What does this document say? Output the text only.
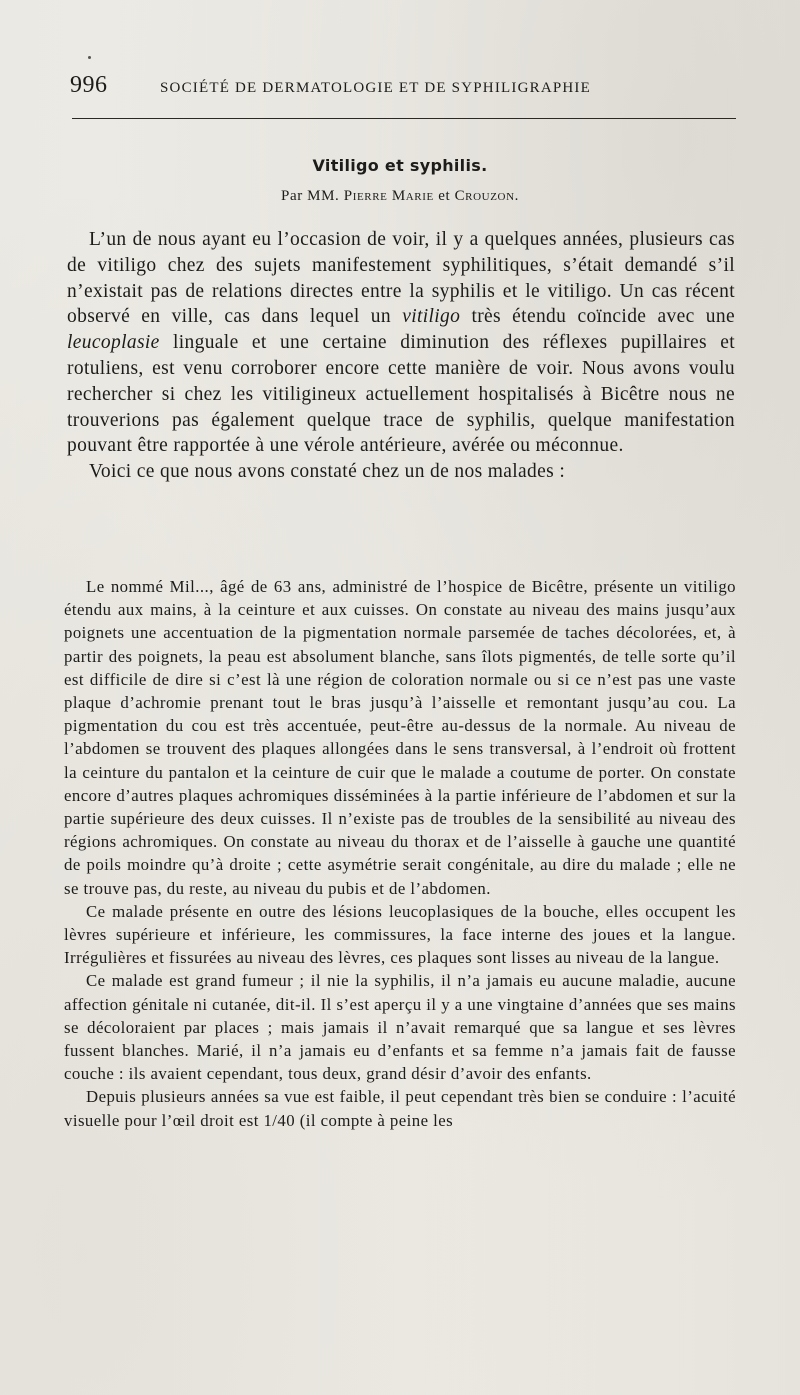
996	SOCIÉTÉ DE DERMATOLOGIE ET DE SYPHILIGRAPHIE
Vitiligo et syphilis.
Par MM. Pierre Marie et Crouzon.

L’un de nous ayant eu l’occasion de voir, il y a quelques années, plusieurs cas de vitiligo chez des sujets manifestement syphilitiques, s’était demandé s’il n’existait pas de relations directes entre la syphilis et le vitiligo. Un cas récent observé en ville, cas dans lequel un vitiligo très étendu coïncide avec une leucoplasie linguale et une certaine diminution des réflexes pupillaires et rotuliens, est venu corroborer encore cette manière de voir. Nous avons voulu rechercher si chez les vitiligineux actuellement hospitalisés à Bicêtre nous ne trouverions pas également quelque trace de syphilis, quelque manifestation pouvant être rapportée à une vérole antérieure, avérée ou méconnue.

Voici ce que nous avons constaté chez un de nos malades :

Le nommé Mil..., âgé de 63 ans, administré de l’hospice de Bicêtre, présente un vitiligo étendu aux mains, à la ceinture et aux cuisses. On constate au niveau des mains jusqu’aux poignets une accentuation de la pigmentation normale parsemée de taches décolorées, et, à partir des poignets, la peau est absolument blanche, sans îlots pigmentés, de telle sorte qu’il est difficile de dire si c’est là une région de coloration normale ou si ce n’est pas une vaste plaque d’achromie prenant tout le bras jusqu’à l’aisselle et remontant jusqu’au cou. La pigmentation du cou est très accentuée, peut-être au-dessus de la normale. Au niveau de l’abdomen se trouvent des plaques allongées dans le sens transversal, à l’endroit où frottent la ceinture du pantalon et la ceinture de cuir que le malade a coutume de porter. On constate encore d’autres plaques achromiques disséminées à la partie inférieure de l’abdomen et sur la partie supérieure des deux cuisses. Il n’existe pas de troubles de la sensibilité au niveau des régions achromiques. On constate au niveau du thorax et de l’aisselle à gauche une quantité de poils moindre qu’à droite ; cette asymétrie serait congénitale, au dire du malade ; elle ne se trouve pas, du reste, au niveau du pubis et de l’abdomen.

Ce malade présente en outre des lésions leucoplasiques de la bouche, elles occupent les lèvres supérieure et inférieure, les commissures, la face interne des joues et la langue. Irrégulières et fissurées au niveau des lèvres, ces plaques sont lisses au niveau de la langue.

Ce malade est grand fumeur ; il nie la syphilis, il n’a jamais eu aucune maladie, aucune affection génitale ni cutanée, dit-il. Il s’est aperçu il y a une vingtaine d’années que ses mains se décoloraient par places ; mais jamais il n’avait remarqué que sa langue et ses lèvres fussent blanches. Marié, il n’a jamais eu d’enfants et sa femme n’a jamais fait de fausse couche : ils avaient cependant, tous deux, grand désir d’avoir des enfants.

Depuis plusieurs années sa vue est faible, il peut cependant très bien se conduire : l’acuité visuelle pour l’œil droit est 1/40 (il compte à peine les
